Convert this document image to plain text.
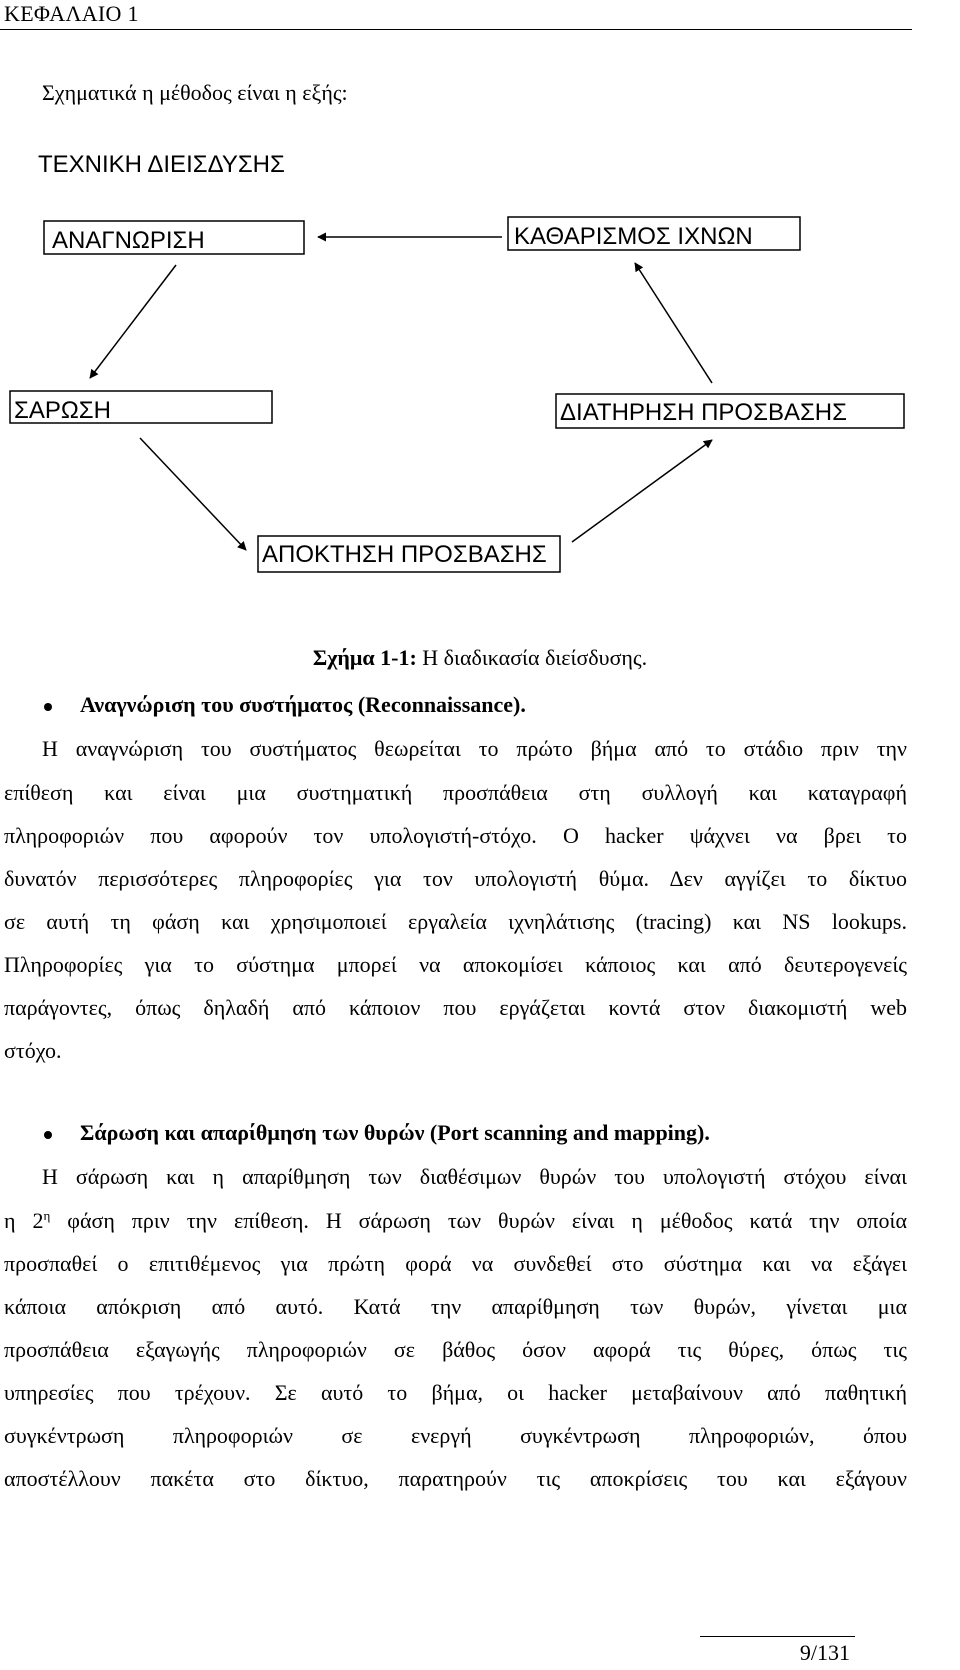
ΚΕΦΑΛΑΙΟ 1
Σχηματικά η μέθοδος είναι η εξής:
ΤΕΧΝΙΚΗ ΔΙΕΙΣΔΥΣΗΣ
ΑΝΑΓΝΩΡΙΣΗ	ΚΑΘΑΡΙΣΜΟΣ ΙΧΝΩΝ
ΣΑΡΩΣΗ	ΔΙΑΤΗΡΗΣΗ ΠΡΟΣΒΑΣΗΣ
ΑΠΟΚΤΗΣΗ ΠΡΟΣΒΑΣΗΣ
Σχήμα 1-1: Η διαδικασία διείσδυσης.
Αναγνώριση του συστήματος (Reconnaissance).
Η αναγνώριση του συστήματος θεωρείται το πρώτο βήμα από το στάδιο πριν την
επίθεση και είναι μια συστηματική προσπάθεια στη συλλογή και καταγραφή
πληροφοριών που αφορούν τον υπολογιστή-στόχο. Ο hacker ψάχνει να βρει το
δυνατόν περισσότερες πληροφορίες για τον υπολογιστή θύμα. Δεν αγγίζει το δίκτυο
σε αυτή τη φάση και χρησιμοποιεί εργαλεία ιχνηλάτισης (tracing) και NS lookups.
Πληροφορίες για το σύστημα μπορεί να αποκομίσει κάποιος και από δευτερογενείς
παράγοντες, όπως δηλαδή από κάποιον που εργάζεται κοντά στον διακομιστή web
στόχο.
Σάρωση και απαρίθμηση των θυρών (Port scanning and mapping).
Η σάρωση και η απαρίθμηση των διαθέσιμων θυρών του υπολογιστή στόχου είναι
η $2^\eta$ φάση πριν την επίθεση. Η σάρωση των θυρών είναι η μέθοδος κατά την οποία
προσπαθεί ο επιτιθέμενος για πρώτη φορά να συνδεθεί στο σύστημα και να εξάγει
κάποια απόκριση από αυτό. Κατά την απαρίθμηση των θυρών, γίνεται μια
προσπάθεια εξαγωγής πληροφοριών σε βάθος όσον αφορά τις θύρες, όπως τις
υπηρεσίες που τρέχουν. Σε αυτό το βήμα, οι hacker μεταβαίνουν από παθητική
συγκέντρωση πληροφοριών σε ενεργή συγκέντρωση πληροφοριών, όπου
αποστέλλουν πακέτα στο δίκτυο, παρατηρούν τις αποκρίσεις του και εξάγουν
9/131
